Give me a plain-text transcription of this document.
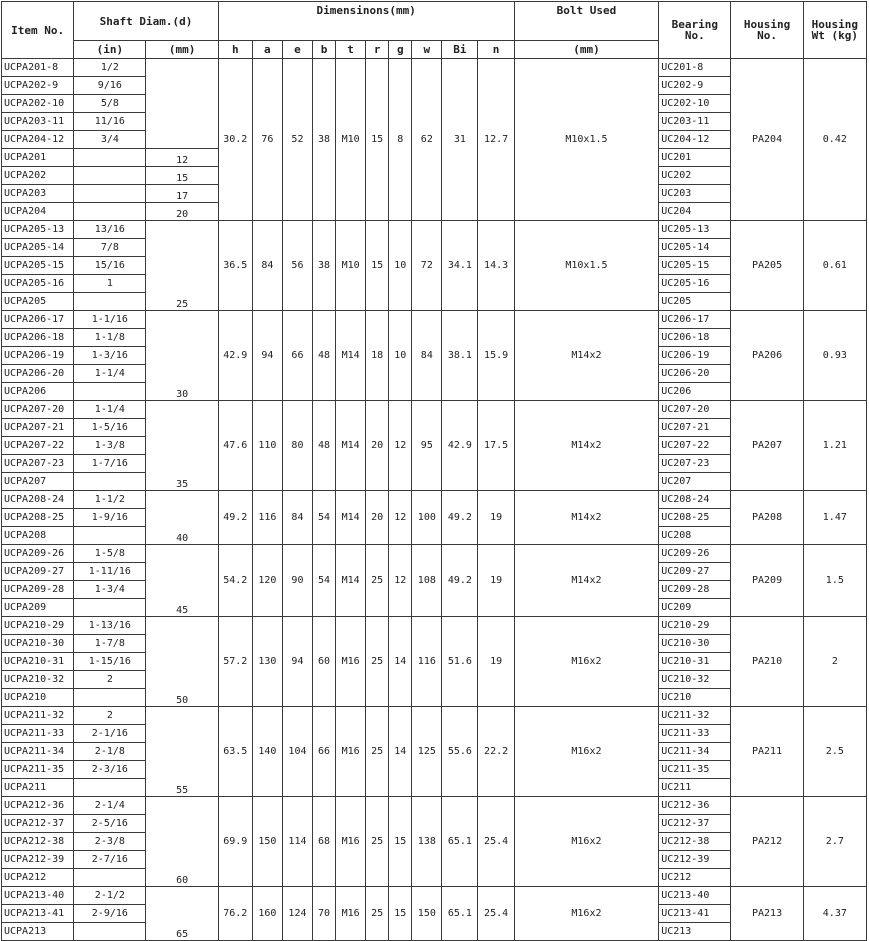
Item No.	Shaft Diam.(d)		Dimensinons(mm)										Bolt Used	Bearing No.	Housing No.	Housing Wt (kg)
	(in)	(mm)	h	a	e	b	t	r	g	w	Bi	n	(mm)			
UCPA201-8	1/2		30.2	76	52	38	M10	15	8	62	31	12.7	M10x1.5	UC201-8	PA204	0.42
UCPA202-9	9/16													UC202-9		
UCPA202-10	5/8													UC202-10		
UCPA203-11	11/16													UC203-11		
UCPA204-12	3/4													UC204-12		
UCPA201		12												UC201		
UCPA202		15												UC202		
UCPA203		17												UC203		
UCPA204		20												UC204		
UCPA205-13	13/16	25	36.5	84	56	38	M10	15	10	72	34.1	14.3	M10x1.5	UC205-13	PA205	0.61
UCPA205-14	7/8													UC205-14		
UCPA205-15	15/16													UC205-15		
UCPA205-16	1													UC205-16		
UCPA205														UC205		
UCPA206-17	1-1/16	30	42.9	94	66	48	M14	18	10	84	38.1	15.9	M14x2	UC206-17	PA206	0.93
UCPA206-18	1-1/8													UC206-18		
UCPA206-19	1-3/16													UC206-19		
UCPA206-20	1-1/4													UC206-20		
UCPA206														UC206		
UCPA207-20	1-1/4	35	47.6	110	80	48	M14	20	12	95	42.9	17.5	M14x2	UC207-20	PA207	1.21
UCPA207-21	1-5/16													UC207-21		
UCPA207-22	1-3/8													UC207-22		
UCPA207-23	1-7/16													UC207-23		
UCPA207														UC207		
UCPA208-24	1-1/2	40	49.2	116	84	54	M14	20	12	100	49.2	19	M14x2	UC208-24	PA208	1.47
UCPA208-25	1-9/16													UC208-25		
UCPA208														UC208		
UCPA209-26	1-5/8	45	54.2	120	90	54	M14	25	12	108	49.2	19	M14x2	UC209-26	PA209	1.5
UCPA209-27	1-11/16													UC209-27		
UCPA209-28	1-3/4													UC209-28		
UCPA209														UC209		
UCPA210-29	1-13/16	50	57.2	130	94	60	M16	25	14	116	51.6	19	M16x2	UC210-29	PA210	2
UCPA210-30	1-7/8													UC210-30		
UCPA210-31	1-15/16													UC210-31		
UCPA210-32	2													UC210-32		
UCPA210														UC210		
UCPA211-32	2	55	63.5	140	104	66	M16	25	14	125	55.6	22.2	M16x2	UC211-32	PA211	2.5
UCPA211-33	2-1/16													UC211-33		
UCPA211-34	2-1/8													UC211-34		
UCPA211-35	2-3/16													UC211-35		
UCPA211														UC211		
UCPA212-36	2-1/4	60	69.9	150	114	68	M16	25	15	138	65.1	25.4	M16x2	UC212-36	PA212	2.7
UCPA212-37	2-5/16													UC212-37		
UCPA212-38	2-3/8													UC212-38		
UCPA212-39	2-7/16													UC212-39		
UCPA212														UC212		
UCPA213-40	2-1/2	65	76.2	160	124	70	M16	25	15	150	65.1	25.4	M16x2	UC213-40	PA213	4.37
UCPA213-41	2-9/16													UC213-41		
UCPA213														UC213		
